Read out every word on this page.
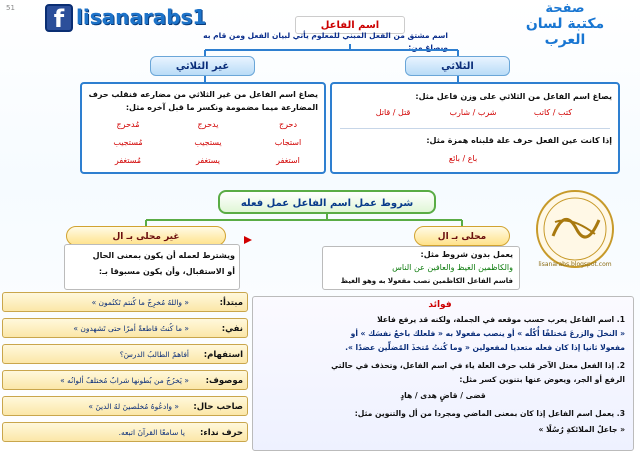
51	f lisanarabs1	صفحة
مكتبة لسان العرب
اسم الفاعل
اسم مشتق من الفعل المبني للمعلوم يأتي لبيان الفعل ومن قام به ويصاغ من:
الثلاثي
يصاغ اسم الفاعل من الثلاثي على وزن فاعل مثل:
كتب / كاتب
شرب / شارب
قتل / قاتل
إذا كانت عين الفعل حرف علة قلبناه همزة مثل:
باع / بائع
غير الثلاثي
يصاغ اسم الفاعل من غير الثلاثي من مضارعه فنقلب حرف المضارعة ميما مضمومة ونكسر ما قبل آخره مثل:
دحرج
يدحرج
مُدحرج
استجاب
يستجيب
مُستجيب
استغفر
يستغفر
مُستغفر
lisanarabs.blogspot.com
شروط عمل اسم الفاعل عمل فعله
محلى بـ ال
غير محلى بـ ال
يعمل بدون شروط مثل:
والكاظمين الغيظ والعافين عن الناس
فاسم الفاعل الكاظمين نصب مفعولا به وهو الغيظ
ويشترط لعمله أن يكون بمعنى الحال
أو الاستقبال، وأن يكون مسبوقا بـ:
مبتدأ:
« واللهُ مُخرِجٌ ما كُنتم تَكتُمون »
نفي:
« ما كُنتُ قاطعةً أمرًا حتى تَشهدون »
استفهام:
أفاهمٌ الطالبُ الدرسَ؟
موصوف:
« يَخرُجُ من بُطونها شرابٌ مُختلفٌ ألوانُه »
صاحب حال:
« وادعُوهُ مُخلصينَ لهُ الدينَ »
حرف نداء:
يا سامعًا القرآنَ اتبعه.
1. اسم الفاعل يعرب حسب موقعه في الجملة، ولكنه قد يرفع فاعلا
« النخلَ والزرعَ مُختلفًا أُكُلُه » أو ينصب مفعولا به « فلعلك باخعٌ نفسَك » أو
مفعولا ثانيا إذا كان فعله متعديا لمفعولين « وما كُنتُ مُتخذَ المُضلِّين عضدًا ».
2. إذا الفعل معتل الآخر قلب حرف العلة ياء في اسم الفاعل، وتحذف في حالتي
الرفع أو الجر، ويعوض عنها بتنوين كسر مثل:
قضى / قاضٍ هدى / هادٍ
3. يعمل اسم الفاعل إذا كان بمعنى الماضي ومجردا من أل والتنوين مثل:
« جاعلُ الملائكةِ رُسُلًا »
فوائد
